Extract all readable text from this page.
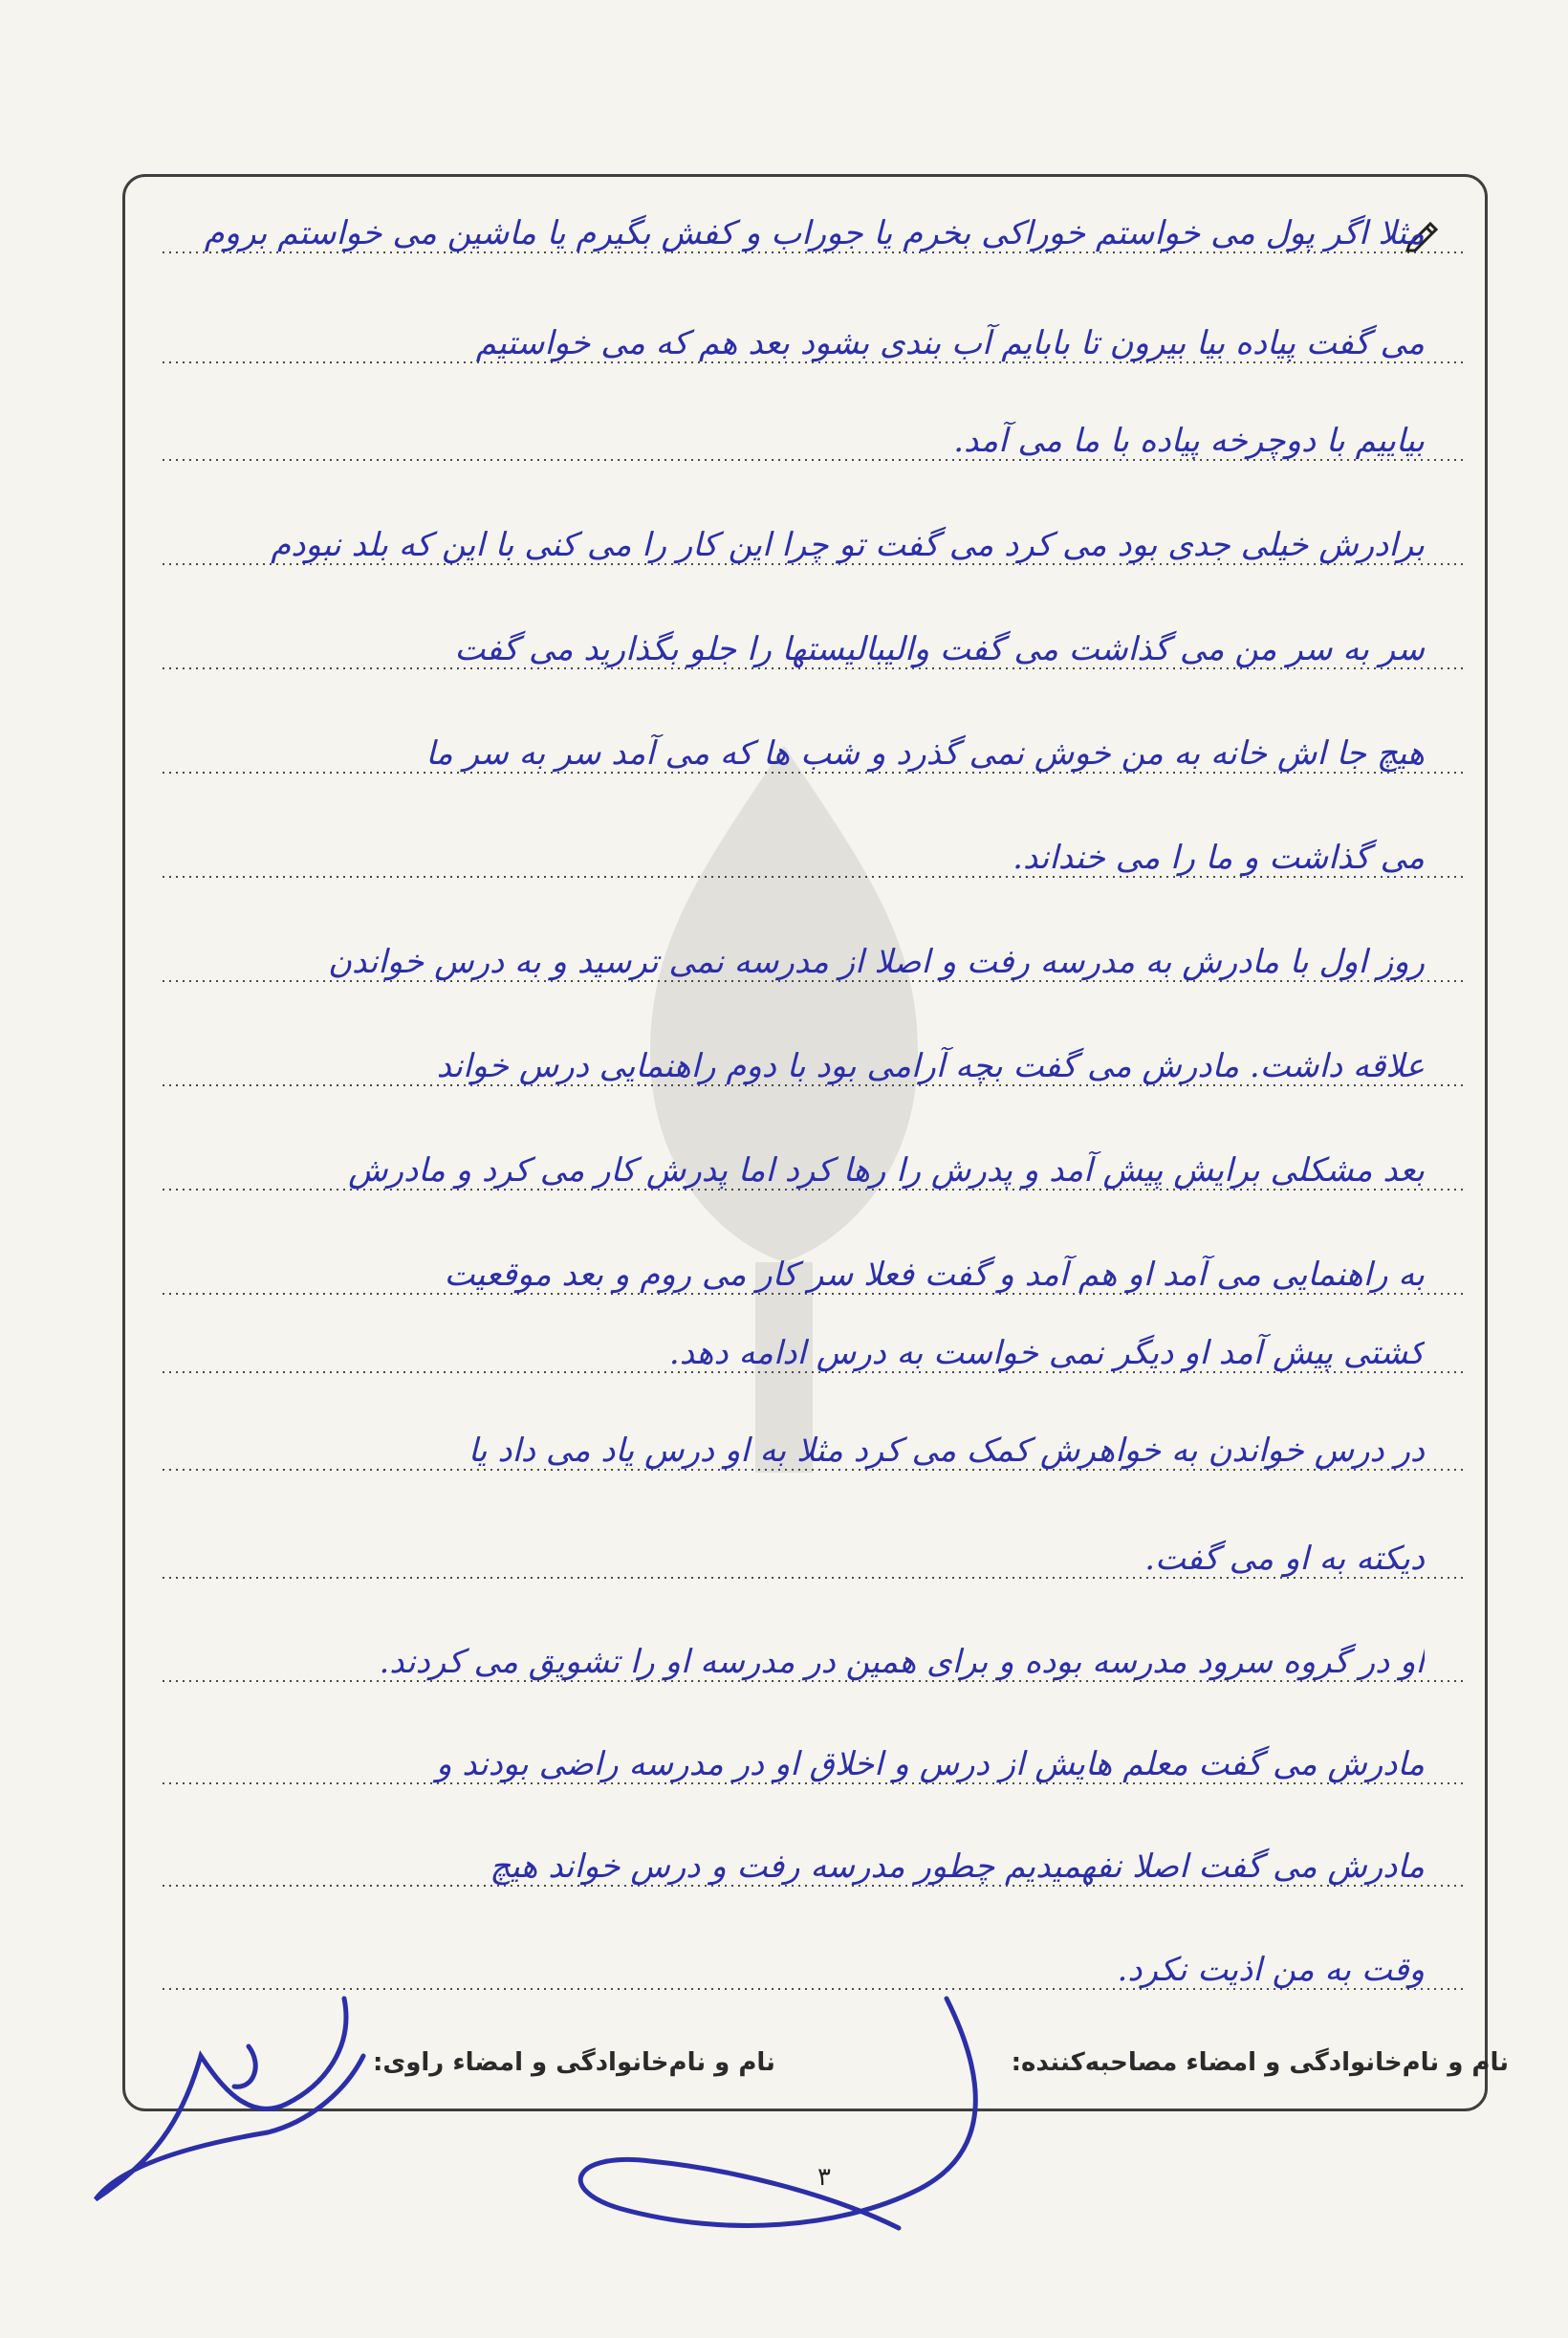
مثلا اگر پول می خواستم خوراکی بخرم یا جوراب و کفش بگیرم یا ماشین می خواستم بروم
می گفت پیاده بیا بیرون تا بابایم آب بندی بشود بعد هم که می خواستیم
بیاییم با دوچرخه پیاده با ما می آمد.
برادرش خیلی جدی بود می کرد می گفت تو چرا این کار را می کنی با این که بلد نبودم
سر به سر من می گذاشت می گفت والیبالیستها را جلو بگذارید می گفت
هیچ جا اش خانه به من خوش نمی گذرد و شب ها که می آمد سر به سر ما
می گذاشت و ما را می خنداند.
روز اول با مادرش به مدرسه رفت و اصلا از مدرسه نمی ترسید و به درس خواندن
علاقه داشت. مادرش می گفت بچه آرامی بود با دوم راهنمایی درس خواند
بعد مشکلی برایش پیش آمد و پدرش را رها کرد اما پدرش کار می کرد و مادرش
به راهنمایی می آمد او هم آمد و گفت فعلا سر کار می روم و بعد موقعیت
کشتی پیش آمد او دیگر نمی خواست به درس ادامه دهد.
در درس خواندن به خواهرش کمک می کرد مثلا به او درس یاد می داد یا
دیکته به او می گفت.
او در گروه سرود مدرسه بوده و برای همین در مدرسه او را تشویق می کردند.
مادرش می گفت معلم هایش از درس و اخلاق او در مدرسه راضی بودند و
مادرش می گفت اصلا نفهمیدیم چطور مدرسه رفت و درس خواند هیچ
وقت به من اذیت نکرد.
نام و نام‌خانوادگی و امضاء مصاحبه‌کننده:
نام و نام‌خانوادگی و امضاء راوی:
۳
